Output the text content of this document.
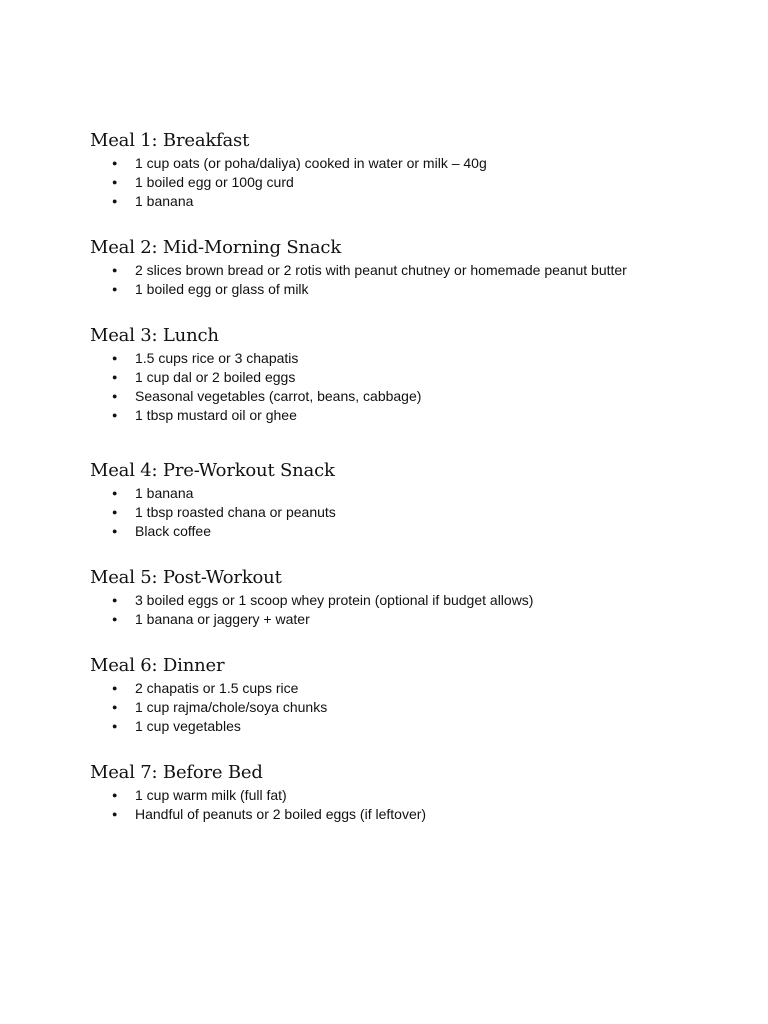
Meal 1: Breakfast
● 1 cup oats (or poha/daliya) cooked in water or milk – 40g
● 1 boiled egg or 100g curd
● 1 banana
Meal 2: Mid-Morning Snack
● 2 slices brown bread or 2 rotis with peanut chutney or homemade peanut butter
● 1 boiled egg or glass of milk
Meal 3: Lunch
● 1.5 cups rice or 3 chapatis
● 1 cup dal or 2 boiled eggs
● Seasonal vegetables (carrot, beans, cabbage)
● 1 tbsp mustard oil or ghee
Meal 4: Pre-Workout Snack
● 1 banana
● 1 tbsp roasted chana or peanuts
● Black coffee
Meal 5: Post-Workout
● 3 boiled eggs or 1 scoop whey protein (optional if budget allows)
● 1 banana or jaggery + water
Meal 6: Dinner
● 2 chapatis or 1.5 cups rice
● 1 cup rajma/chole/soya chunks
● 1 cup vegetables
Meal 7: Before Bed
● 1 cup warm milk (full fat)
● Handful of peanuts or 2 boiled eggs (if leftover)
